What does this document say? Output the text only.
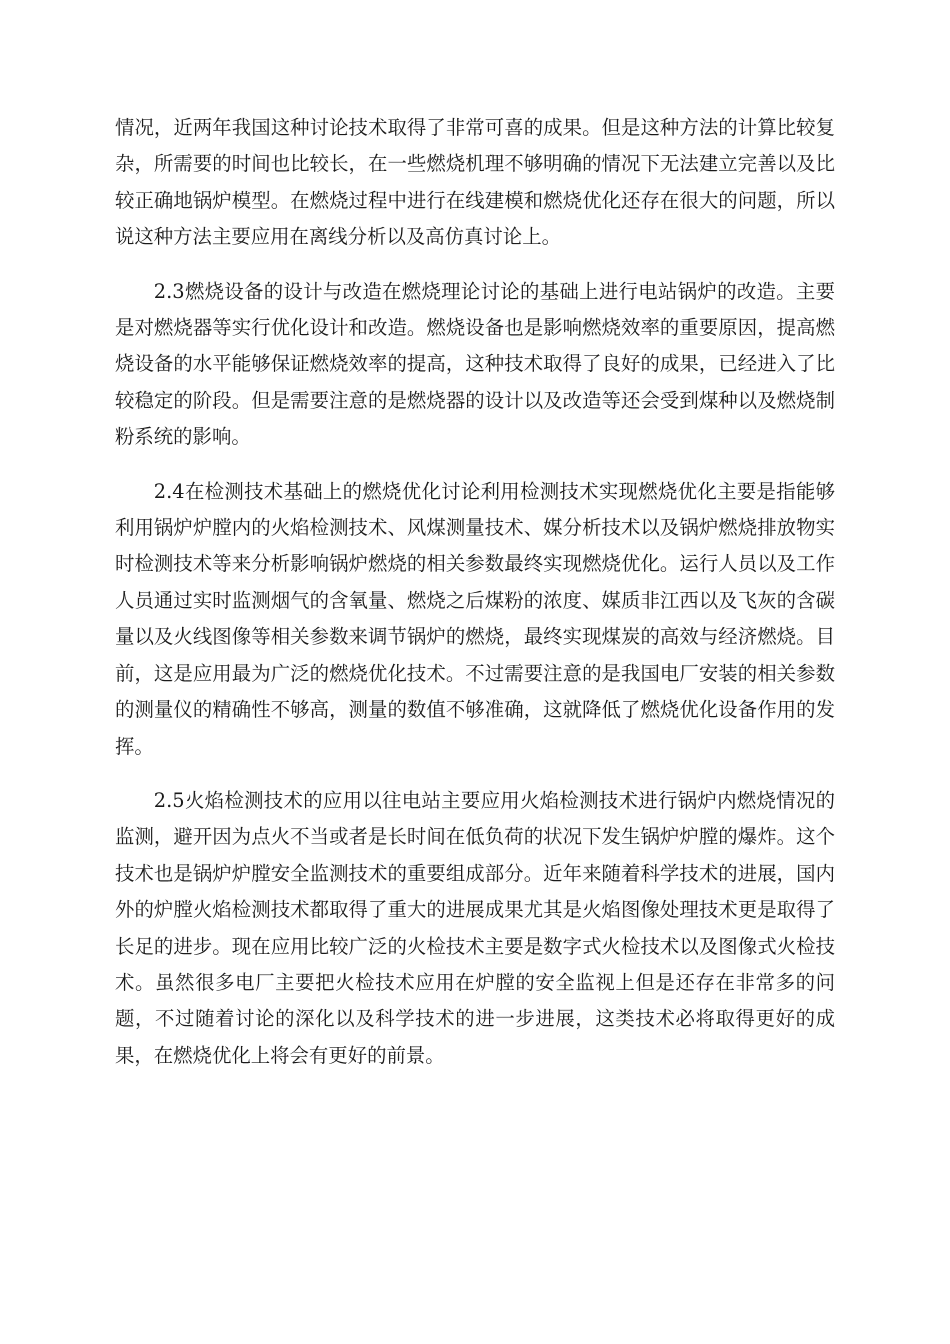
情况，近两年我国这种讨论技术取得了非常可喜的成果。但是这种方法的计算比较复杂，所需要的时间也比较长，在一些燃烧机理不够明确的情况下无法建立完善以及比较正确地锅炉模型。在燃烧过程中进行在线建模和燃烧优化还存在很大的问题，所以说这种方法主要应用在离线分析以及高仿真讨论上。

2.3燃烧设备的设计与改造在燃烧理论讨论的基础上进行电站锅炉的改造。主要是对燃烧器等实行优化设计和改造。燃烧设备也是影响燃烧效率的重要原因，提高燃烧设备的水平能够保证燃烧效率的提高，这种技术取得了良好的成果，已经进入了比较稳定的阶段。但是需要注意的是燃烧器的设计以及改造等还会受到煤种以及燃烧制粉系统的影响。

2.4在检测技术基础上的燃烧优化讨论利用检测技术实现燃烧优化主要是指能够利用锅炉炉膛内的火焰检测技术、风煤测量技术、媒分析技术以及锅炉燃烧排放物实时检测技术等来分析影响锅炉燃烧的相关参数最终实现燃烧优化。运行人员以及工作人员通过实时监测烟气的含氧量、燃烧之后煤粉的浓度、媒质非江西以及飞灰的含碳量以及火线图像等相关参数来调节锅炉的燃烧，最终实现煤炭的高效与经济燃烧。目前，这是应用最为广泛的燃烧优化技术。不过需要注意的是我国电厂安装的相关参数的测量仪的精确性不够高，测量的数值不够准确，这就降低了燃烧优化设备作用的发挥。

2.5火焰检测技术的应用以往电站主要应用火焰检测技术进行锅炉内燃烧情况的监测，避开因为点火不当或者是长时间在低负荷的状况下发生锅炉炉膛的爆炸。这个技术也是锅炉炉膛安全监测技术的重要组成部分。近年来随着科学技术的进展，国内外的炉膛火焰检测技术都取得了重大的进展成果尤其是火焰图像处理技术更是取得了长足的进步。现在应用比较广泛的火检技术主要是数字式火检技术以及图像式火检技术。虽然很多电厂主要把火检技术应用在炉膛的安全监视上但是还存在非常多的问题，不过随着讨论的深化以及科学技术的进一步进展，这类技术必将取得更好的成果，在燃烧优化上将会有更好的前景。
